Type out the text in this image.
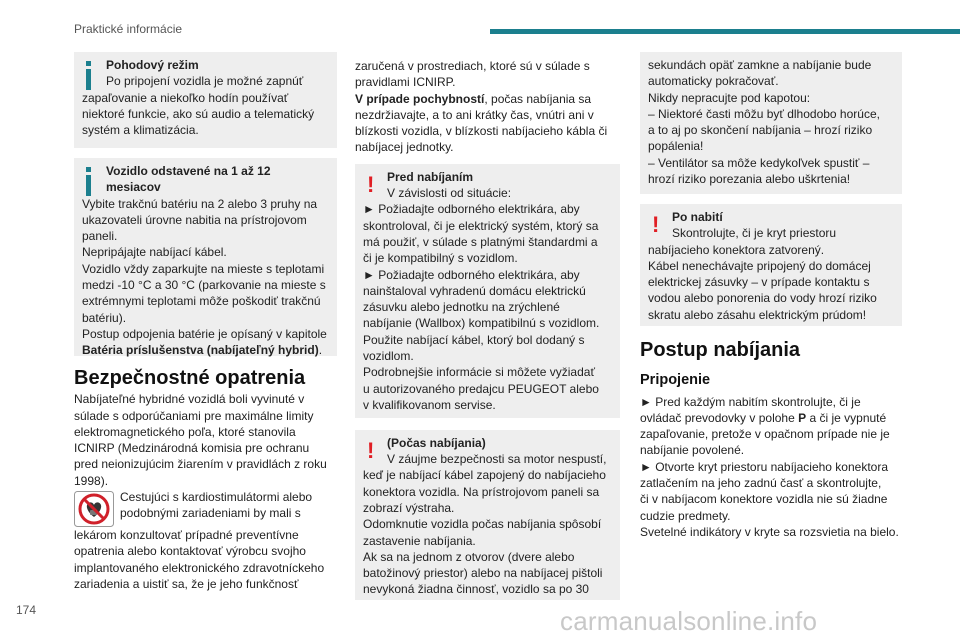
Praktické informácie

Pohodový režim

Po pripojení vozidla je možné zapnúť

zapaľovanie a niekoľko hodín používať

niektoré funkcie, ako sú audio a telematický

systém a klimatizácia.

Vozidlo odstavené na 1 až 12

mesiacov

Vybite trakčnú batériu na 2 alebo 3 pruhy na

ukazovateli úrovne nabitia na prístrojovom

paneli.

Nepripájajte nabíjací kábel.

Vozidlo vždy zaparkujte na mieste s teplotami

medzi -10 °C a 30 °C (parkovanie na mieste s

extrémnymi teplotami môže poškodiť trakčnú

batériu).

Postup odpojenia batérie je opísaný v kapitole

Batéria príslušenstva (nabíjateľný hybrid).

Bezpečnostné opatrenia

Nabíjateľné hybridné vozidlá boli vyvinuté v

súlade s odporúčaniami pre maximálne limity

elektromagnetického poľa, ktoré stanovila

ICNIRP (Medzinárodná komisia pre ochranu

pred neionizujúcim žiarením v pravidlách z roku

1998).

Cestujúci s kardiostimulátormi alebo

podobnými zariadeniami by mali s

lekárom konzultovať prípadné preventívne

opatrenia alebo kontaktovať výrobcu svojho

implantovaného elektronického zdravotníckeho

zariadenia a uistiť sa, že je jeho funkčnosť

zaručená v prostrediach, ktoré sú v súlade s

pravidlami ICNIRP.

V prípade pochybností, počas nabíjania sa

nezdržiavajte, a to ani krátky čas, vnútri ani v

blízkosti vozidla, v blízkosti nabíjacieho kábla či

nabíjacej jednotky.

! Pred nabíjaním

V závislosti od situácie:

► Požiadajte odborného elektrikára, aby

skontroloval, či je elektrický systém, ktorý sa

má použiť, v súlade s platnými štandardmi a

či je kompatibilný s vozidlom.

► Požiadajte odborného elektrikára, aby

nainštaloval vyhradenú domácu elektrickú

zásuvku alebo jednotku na zrýchlené

nabíjanie (Wallbox) kompatibilnú s vozidlom.

Použite nabíjací kábel, ktorý bol dodaný s

vozidlom.

Podrobnejšie informácie si môžete vyžiadať

u autorizovaného predajcu PEUGEOT alebo

v kvalifikovanom servise.

! (Počas nabíjania)

V záujme bezpečnosti sa motor nespustí,

keď je nabíjací kábel zapojený do nabíjacieho

konektora vozidla. Na prístrojovom paneli sa

zobrazí výstraha.

Odomknutie vozidla počas nabíjania spôsobí

zastavenie nabíjania.

Ak sa na jednom z otvorov (dvere alebo

batožinový priestor) alebo na nabíjacej pištoli

nevykoná žiadna činnosť, vozidlo sa po 30

sekundách opäť zamkne a nabíjanie bude

automaticky pokračovať.

Nikdy nepracujte pod kapotou:

– Niektoré časti môžu byť dlhodobo horúce,

a to aj po skončení nabíjania – hrozí riziko

popálenia!

– Ventilátor sa môže kedykoľvek spustiť –

hrozí riziko porezania alebo uškrtenia!

! Po nabití

Skontrolujte, či je kryt priestoru

nabíjacieho konektora zatvorený.

Kábel nenechávajte pripojený do domácej

elektrickej zásuvky – v prípade kontaktu s

vodou alebo ponorenia do vody hrozí riziko

skratu alebo zásahu elektrickým prúdom!

Postup nabíjania
Pripojenie

► Pred každým nabitím skontrolujte, či je

ovládač prevodovky v polohe P a či je vypnuté

zapaľovanie, pretože v opačnom prípade nie je

nabíjanie povolené.

► Otvorte kryt priestoru nabíjacieho konektora

zatlačením na jeho zadnú časť a skontrolujte,

či v nabíjacom konektore vozidla nie sú žiadne

cudzie predmety.

Svetelné indikátory v kryte sa rozsvietia na bielo.

174	carmanualsonline.info
